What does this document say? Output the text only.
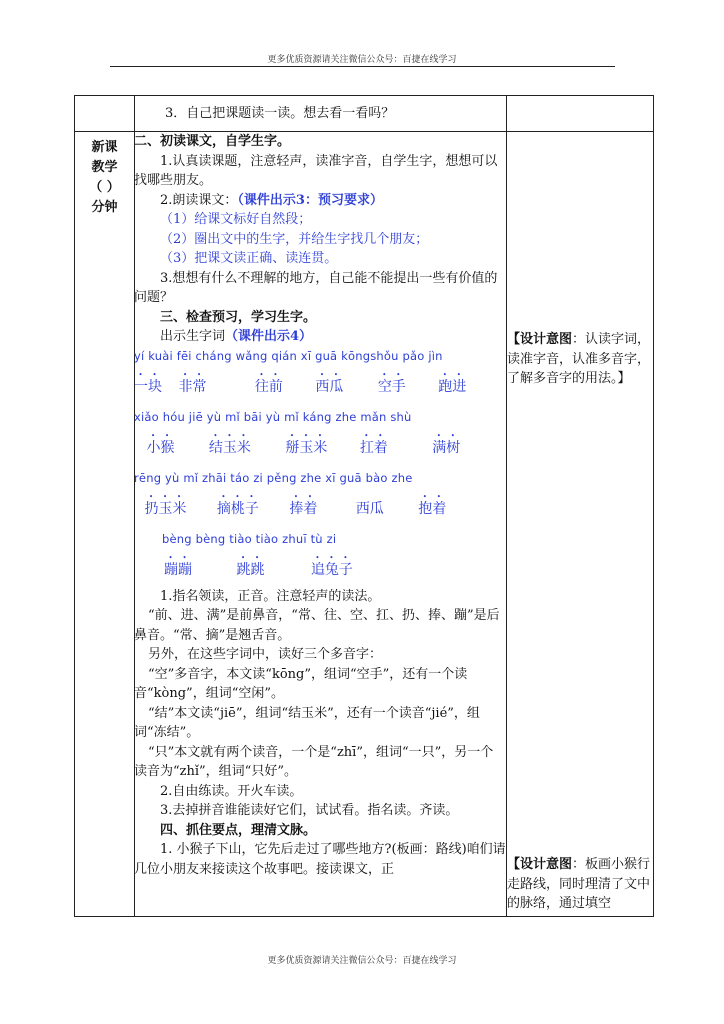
更多优质资源请关注微信公众号：百捷在线学习
3．自己把课题读一读。想去看一看吗？
新课
教学
（ ）
分钟

二、初读课文，自学生字。

1.认真读课题，注意轻声，读准字音，自学生字，想想可以找哪些朋友。

2.朗读课文：（课件出示3：预习要求）

（1）给课文标好自然段；

（2）圈出文中的生字，并给生字找几个朋友；

（3）把课文读正确、读连贯。

3.想想有什么不理解的地方，自己能不能提出一些有价值的问题？

三、检查预习，学习生字。

出示生字词（课件出示4）

yí kuài fēi cháng wǎng qián xī guā kōngshǒu pǎo jìn

一块 非常	往前 西瓜 空手 跑进

xiǎo hóu jiē yù mǐ bāi yù mǐ káng zhe mǎn shù

小猴 结玉米 掰玉米 扛着	满树

rēng yù mǐ zhāi táo zi pěng zhe xī guā bào zhe

扔玉米 摘桃子 捧着	西瓜 抱着

bèng bèng tiào tiào zhuī tù zi

蹦蹦	跳跳	追兔子

1.指名领读，正音。注意轻声的读法。

“前、进、满”是前鼻音，“常、往、空、扛、扔、捧、蹦”是后鼻音。“常、摘”是翘舌音。

另外，在这些字词中，读好三个多音字：

“空”多音字，本文读“kōng”，组词“空手”，还有一个读音“kòng”，组词“空闲”。

“结”本文读“jiē”，组词“结玉米”，还有一个读音“jié”，组词“冻结”。

“只”本文就有两个读音，一个是“zhī”，组词“一只”，另一个读音为“zhǐ”，组词“只好”。

2.自由练读。开火车读。

3.去掉拼音谁能读好它们，试试看。指名读。齐读。

四、抓住要点，理清文脉。

1. 小猴子下山，它先后走过了哪些地方?(板画：路线)咱们请几位小朋友来接读这个故事吧。接读课文，正

【设计意图：认读字词，读准字音，认准多音字，了解多音字的用法。】
【设计意图：板画小猴行走路线，同时理清了文中的脉络，通过填空
更多优质资源请关注微信公众号：百捷在线学习
